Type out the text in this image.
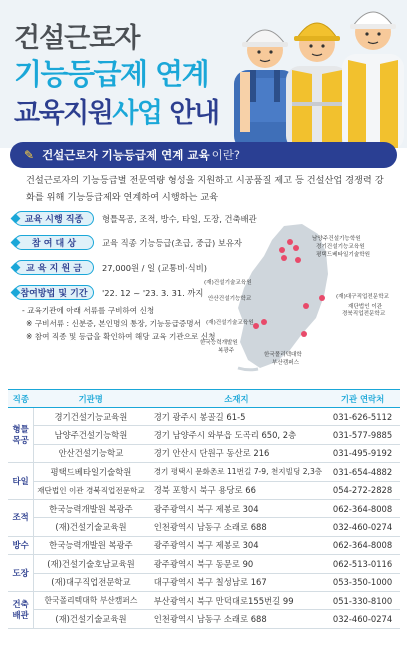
건설근로자
기능등급제 연계
교육지원사업 안내
✎ 건설근로자 기능등급제 연계 교육 이란?
건설근로자의 기능등급별 전문역량 형성을 지원하고 시공품질 제고 등 건설산업 경쟁력 강화를 위해 기능등급제와 연계하여 시행하는 교육
교육 시행 직종	형틀목공, 조적, 방수, 타일, 도장, 건축배관
참 여 대 상	교육 직종 기능등급(초급, 중급) 보유자
교 육 지 원 금	27,000원 / 일 (교통비·식비)
참여방법 및 기간	'22. 12 ~ '23. 3. 31. 까지
- 교육기관에 아래 서류를 구비하여 신청
※ 구비서류 : 신분증, 본인명의 통장, 기능등급증명서
※ 참여 직종 및 등급을 확인하여 해당 교육 기관으로 신청
남양주건설기능학원
경기건설기능교육원
평택드베타일기술학원
(재)건설기술교육원
안산건설기능학교	(재)대구직업전문학교
(재)건설기술교육원
재단법인 이관
경북직업전문학교
한국능력개발원
복광주
한국폴리텍대학
부산캠퍼스
직종	기관명	소재지	기관 연락처
형틀
목공	경기건설기능교육원	경기 광주시 봉골길 61-5	031-626-5112
	남양주건설기능학원	경기 남양주시 와부읍 도곡리 650, 2층	031-577-9885
	안산건설기능학교	경기 안산시 단원구 동산로 216	031-495-9192
타일	평택드베타일기술학원	경기 평택시 문화촌로 11번길 7-9, 천지빌딩 2,3층	031-654-4882
	재단법인 이관 경북직업전문학교	경북 포항시 북구 용당로 66	054-272-2828
조적	한국능력개발원 복광주	광주광역시 북구 제봉로 304	062-364-8008
	(재)건설기술교육원	인천광역시 남동구 소래로 688	032-460-0274
방수	한국능력개발원 복광주	광주광역시 북구 제봉로 304	062-364-8008
도장	(재)건설기술호남교육원	광주광역시 북구 동문로 90	062-513-0116
	(재)대구직업전문학교	대구광역시 북구 칠성남로 167	053-350-1000
건축
배관	한국폴리텍대학 부산캠퍼스	부산광역시 북구 만덕대로155번길 99	051-330-8100
	(재)건설기술교육원	인천광역시 남동구 소래로 688	032-460-0274
